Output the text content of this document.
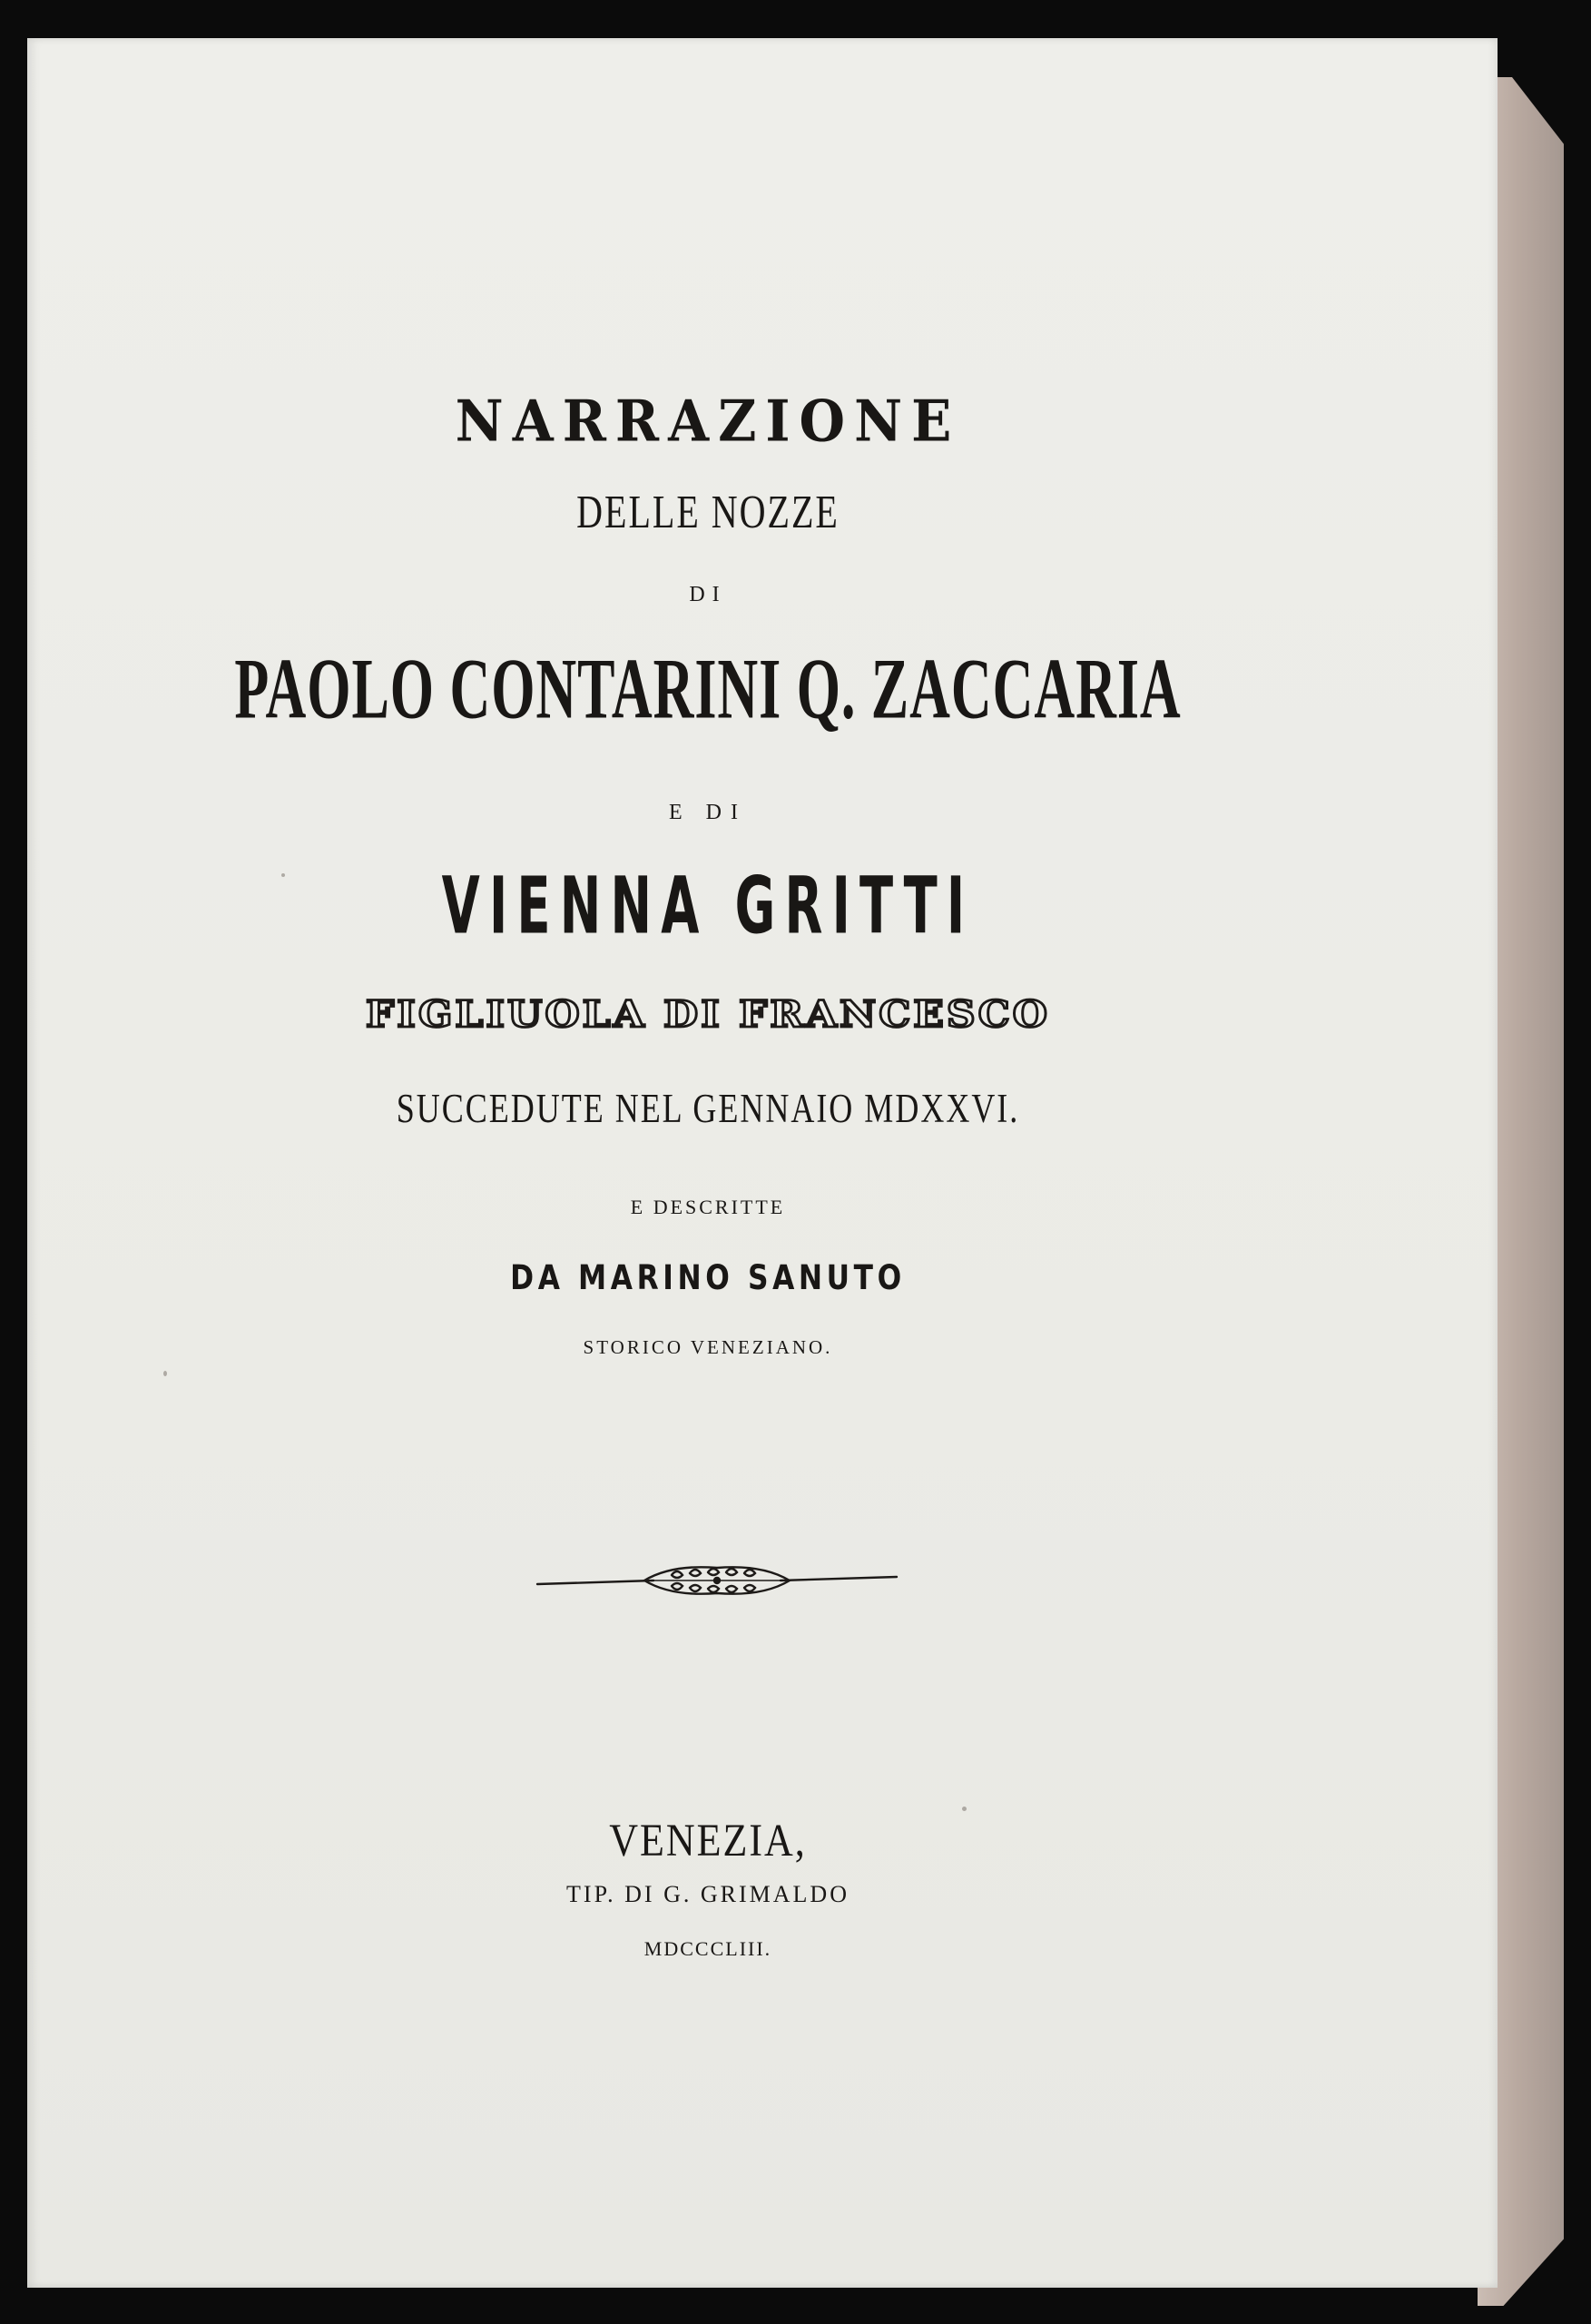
NARRAZIONE
DELLE NOZZE
DI
PAOLO CONTARINI Q. ZACCARIA
E DI
VIENNA GRITTI
FIGLIUOLA DI FRANCESCO
SUCCEDUTE NEL GENNAIO MDXXVI.
E DESCRITTE
DA MARINO SANUTO
STORICO VENEZIANO.
VENEZIA,
TIP. DI G. GRIMALDO
MDCCCLIII.
